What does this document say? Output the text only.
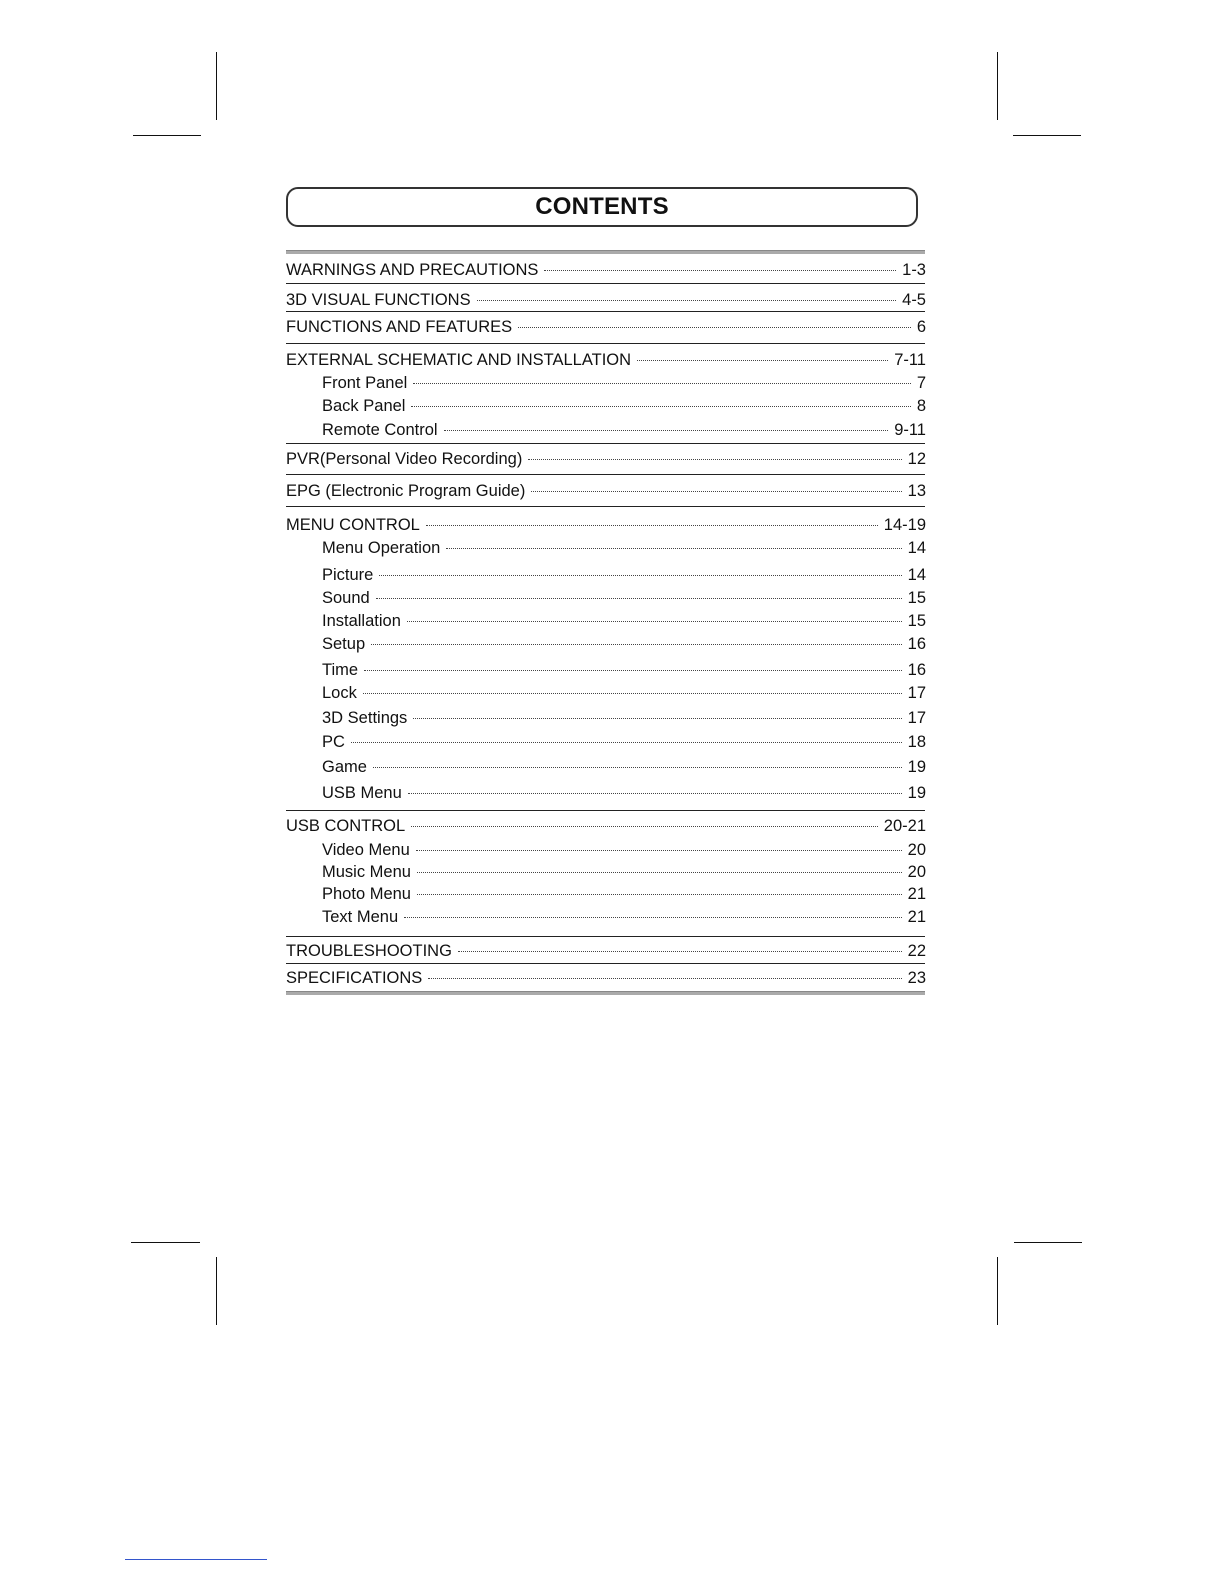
CONTENTS
WARNINGS AND PRECAUTIONS	1-3
3D VISUAL FUNCTIONS	4-5
FUNCTIONS AND FEATURES	6
EXTERNAL SCHEMATIC AND INSTALLATION	7-11
Front Panel	7
Back Panel	8
Remote Control	9-11
PVR(Personal Video Recording)	12
EPG (Electronic Program Guide)	13
MENU CONTROL	14-19
Menu Operation	14
Picture	14
Sound	15
Installation	15
Setup	16
Time	16
Lock	17
3D Settings	17
PC	18
Game	19
USB Menu	19
USB CONTROL	20-21
Video Menu	20
Music Menu	20
Photo Menu	21
Text Menu	21
TROUBLESHOOTING	22
SPECIFICATIONS	23
